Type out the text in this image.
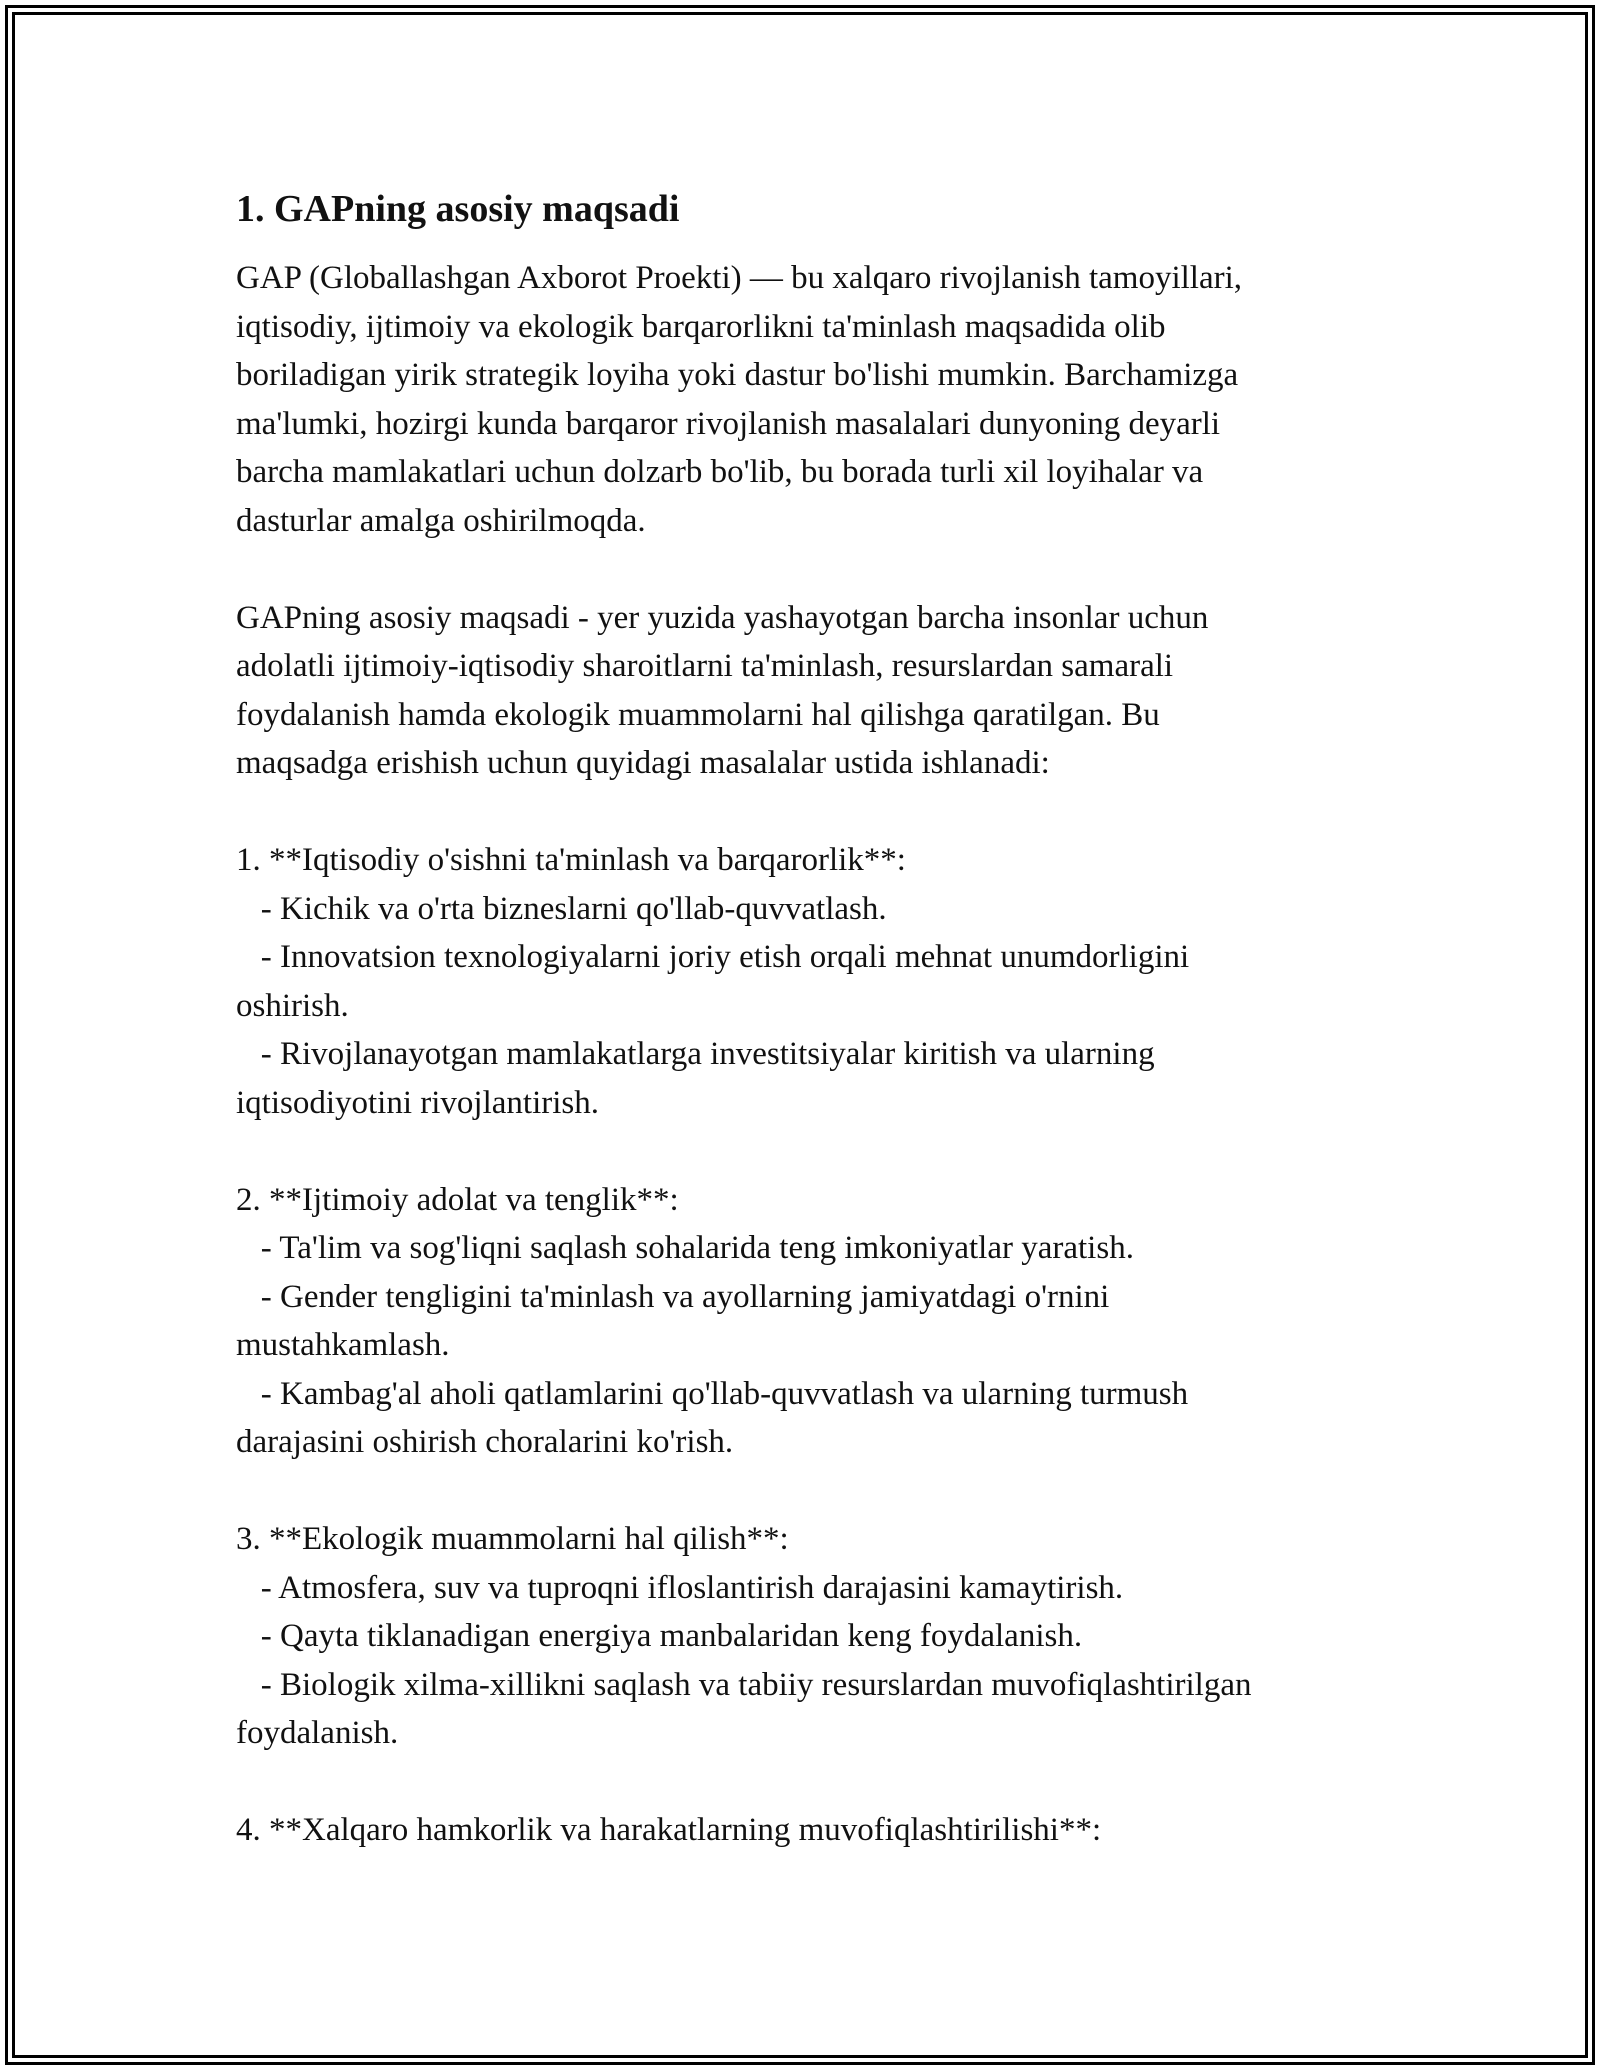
1. GAPning asosiy maqsadi
GAP (Globallashgan Axborot Proekti) — bu xalqaro rivojlanish tamoyillari,
iqtisodiy, ijtimoiy va ekologik barqarorlikni ta'minlash maqsadida olib
boriladigan yirik strategik loyiha yoki dastur bo'lishi mumkin. Barchamizga
ma'lumki, hozirgi kunda barqaror rivojlanish masalalari dunyoning deyarli
barcha mamlakatlari uchun dolzarb bo'lib, bu borada turli xil loyihalar va
dasturlar amalga oshirilmoqda.
GAPning asosiy maqsadi - yer yuzida yashayotgan barcha insonlar uchun
adolatli ijtimoiy-iqtisodiy sharoitlarni ta'minlash, resurslardan samarali
foydalanish hamda ekologik muammolarni hal qilishga qaratilgan. Bu
maqsadga erishish uchun quyidagi masalalar ustida ishlanadi:
1. **Iqtisodiy o'sishni ta'minlash va barqarorlik**:
- Kichik va o'rta bizneslarni qo'llab-quvvatlash.
- Innovatsion texnologiyalarni joriy etish orqali mehnat unumdorligini
oshirish.
- Rivojlanayotgan mamlakatlarga investitsiyalar kiritish va ularning
iqtisodiyotini rivojlantirish.
2. **Ijtimoiy adolat va tenglik**:
- Ta'lim va sog'liqni saqlash sohalarida teng imkoniyatlar yaratish.
- Gender tengligini ta'minlash va ayollarning jamiyatdagi o'rnini
mustahkamlash.
- Kambag'al aholi qatlamlarini qo'llab-quvvatlash va ularning turmush
darajasini oshirish choralarini ko'rish.
3. **Ekologik muammolarni hal qilish**:
- Atmosfera, suv va tuproqni ifloslantirish darajasini kamaytirish.
- Qayta tiklanadigan energiya manbalaridan keng foydalanish.
- Biologik xilma-xillikni saqlash va tabiiy resurslardan muvofiqlashtirilgan
foydalanish.
4. **Xalqaro hamkorlik va harakatlarning muvofiqlashtirilishi**:
